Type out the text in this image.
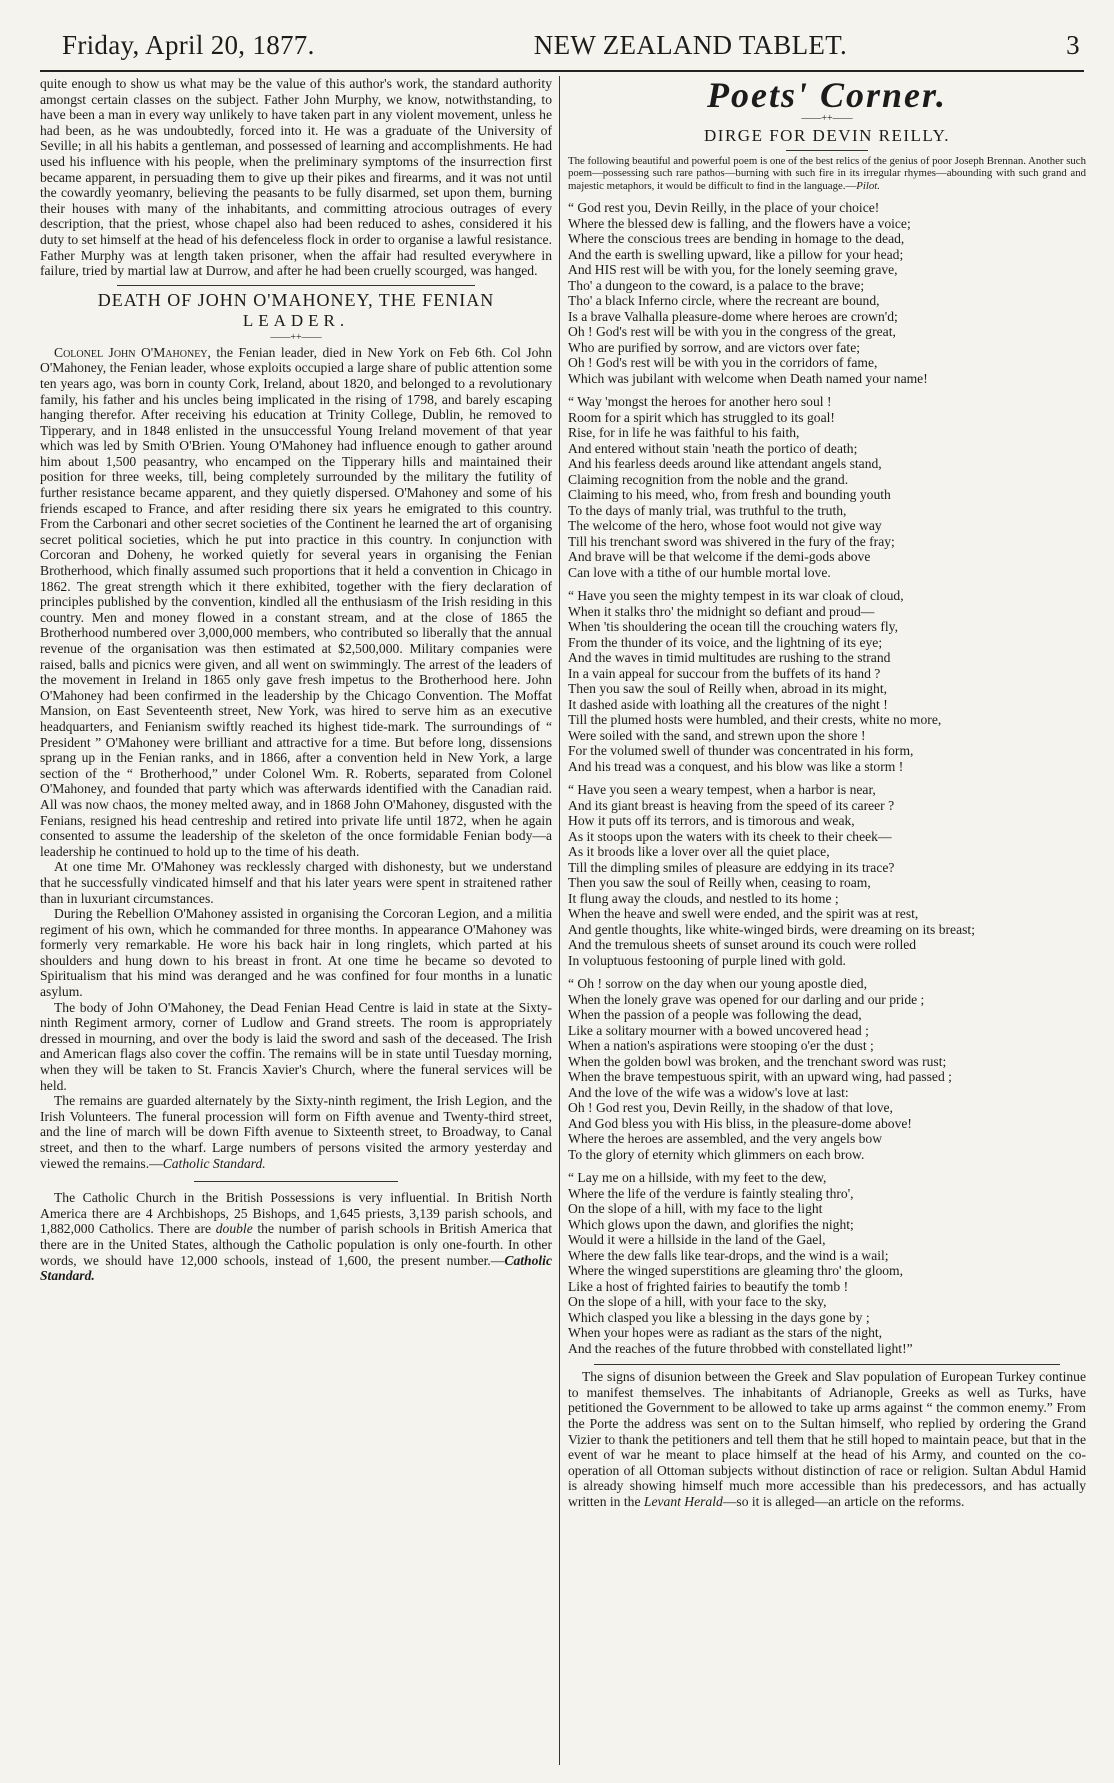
Friday, April 20, 1877.	NEW ZEALAND TABLET.	3

quite enough to show us what may be the value of this author's work, the standard authority amongst certain classes on the subject. Father John Murphy, we know, notwithstanding, to have been a man in every way unlikely to have taken part in any violent movement, unless he had been, as he was undoubtedly, forced into it. He was a graduate of the University of Seville; in all his habits a gentleman, and possessed of learning and accomplishments. He had used his influence with his people, when the preliminary symptoms of the insurrection first became apparent, in persuading them to give up their pikes and firearms, and it was not until the cowardly yeomanry, believing the peasants to be fully disarmed, set upon them, burning their houses with many of the inhabitants, and committing atrocious outrages of every description, that the priest, whose chapel also had been reduced to ashes, considered it his duty to set himself at the head of his defenceless flock in order to organise a lawful resistance. Father Murphy was at length taken prisoner, when the affair had resulted everywhere in failure, tried by martial law at Durrow, and after he had been cruelly scourged, was hanged.

DEATH OF JOHN O'MAHONEY, THE FENIAN
LEADER.
——++——

Colonel John O'Mahoney, the Fenian leader, died in New York on Feb 6th. Col John O'Mahoney, the Fenian leader, whose exploits occupied a large share of public attention some ten years ago, was born in county Cork, Ireland, about 1820, and belonged to a revolutionary family, his father and his uncles being implicated in the rising of 1798, and barely escaping hanging therefor. After receiving his education at Trinity College, Dublin, he removed to Tipperary, and in 1848 enlisted in the unsuccessful Young Ireland movement of that year which was led by Smith O'Brien. Young O'Mahoney had influence enough to gather around him about 1,500 peasantry, who encamped on the Tipperary hills and maintained their position for three weeks, till, being completely surrounded by the military the futility of further resistance became apparent, and they quietly dispersed. O'Mahoney and some of his friends escaped to France, and after residing there six years he emigrated to this country. From the Carbonari and other secret societies of the Continent he learned the art of organising secret political societies, which he put into practice in this country. In conjunction with Corcoran and Doheny, he worked quietly for several years in organising the Fenian Brotherhood, which finally assumed such proportions that it held a convention in Chicago in 1862. The great strength which it there exhibited, together with the fiery declaration of principles published by the convention, kindled all the enthusiasm of the Irish residing in this country. Men and money flowed in a constant stream, and at the close of 1865 the Brotherhood numbered over 3,000,000 members, who contributed so liberally that the annual revenue of the organisation was then estimated at $2,500,000. Military companies were raised, balls and picnics were given, and all went on swimmingly. The arrest of the leaders of the movement in Ireland in 1865 only gave fresh impetus to the Brotherhood here. John O'Mahoney had been confirmed in the leadership by the Chicago Convention. The Moffat Mansion, on East Seventeenth street, New York, was hired to serve him as an executive headquarters, and Fenianism swiftly reached its highest tide-mark. The surroundings of “ President ” O'Mahoney were brilliant and attractive for a time. But before long, dissensions sprang up in the Fenian ranks, and in 1866, after a convention held in New York, a large section of the “ Brotherhood,” under Colonel Wm. R. Roberts, separated from Colonel O'Mahoney, and founded that party which was afterwards identified with the Canadian raid. All was now chaos, the money melted away, and in 1868 John O'Mahoney, disgusted with the Fenians, resigned his head centreship and retired into private life until 1872, when he again consented to assume the leadership of the skeleton of the once formidable Fenian body—a leadership he continued to hold up to the time of his death.

At one time Mr. O'Mahoney was recklessly charged with dishonesty, but we understand that he successfully vindicated himself and that his later years were spent in straitened rather than in luxuriant circumstances.

During the Rebellion O'Mahoney assisted in organising the Corcoran Legion, and a militia regiment of his own, which he commanded for three months. In appearance O'Mahoney was formerly very remarkable. He wore his back hair in long ringlets, which parted at his shoulders and hung down to his breast in front. At one time he became so devoted to Spiritualism that his mind was deranged and he was confined for four months in a lunatic asylum.

The body of John O'Mahoney, the Dead Fenian Head Centre is laid in state at the Sixty-ninth Regiment armory, corner of Ludlow and Grand streets. The room is appropriately dressed in mourning, and over the body is laid the sword and sash of the deceased. The Irish and American flags also cover the coffin. The remains will be in state until Tuesday morning, when they will be taken to St. Francis Xavier's Church, where the funeral services will be held.

The remains are guarded alternately by the Sixty-ninth regiment, the Irish Legion, and the Irish Volunteers. The funeral procession will form on Fifth avenue and Twenty-third street, and the line of march will be down Fifth avenue to Sixteenth street, to Broadway, to Canal street, and then to the wharf. Large numbers of persons visited the armory yesterday and viewed the remains.—Catholic Standard.

The Catholic Church in the British Possessions is very influential. In British North America there are 4 Archbishops, 25 Bishops, and 1,645 priests, 3,139 parish schools, and 1,882,000 Catholics. There are double the number of parish schools in British America that there are in the United States, although the Catholic population is only one-fourth. In other words, we should have 12,000 schools, instead of 1,600, the present number.—Catholic Standard.

Poets' Corner.
——++——
DIRGE FOR DEVIN REILLY.

The following beautiful and powerful poem is one of the best relics of the genius of poor Joseph Brennan. Another such poem—possessing such rare pathos—burning with such fire in its irregular rhymes—abounding with such grand and majestic metaphors, it would be difficult to find in the language.—Pilot.

“ God rest you, Devin Reilly, in the place of your choice!
Where the blessed dew is falling, and the flowers have a voice;
Where the conscious trees are bending in homage to the dead,
And the earth is swelling upward, like a pillow for your head;
And HIS rest will be with you, for the lonely seeming grave,
Tho' a dungeon to the coward, is a palace to the brave;
Tho' a black Inferno circle, where the recreant are bound,
Is a brave Valhalla pleasure-dome where heroes are crown'd;
Oh ! God's rest will be with you in the congress of the great,
Who are purified by sorrow, and are victors over fate;
Oh ! God's rest will be with you in the corridors of fame,
Which was jubilant with welcome when Death named your name!
“ Way 'mongst the heroes for another hero soul !
Room for a spirit which has struggled to its goal!
Rise, for in life he was faithful to his faith,
And entered without stain 'neath the portico of death;
And his fearless deeds around like attendant angels stand,
Claiming recognition from the noble and the grand.
Claiming to his meed, who, from fresh and bounding youth
To the days of manly trial, was truthful to the truth,
The welcome of the hero, whose foot would not give way
Till his trenchant sword was shivered in the fury of the fray;
And brave will be that welcome if the demi-gods above
Can love with a tithe of our humble mortal love.
“ Have you seen the mighty tempest in its war cloak of cloud,
When it stalks thro' the midnight so defiant and proud—
When 'tis shouldering the ocean till the crouching waters fly,
From the thunder of its voice, and the lightning of its eye;
And the waves in timid multitudes are rushing to the strand
In a vain appeal for succour from the buffets of its hand ?
Then you saw the soul of Reilly when, abroad in its might,
It dashed aside with loathing all the creatures of the night !
Till the plumed hosts were humbled, and their crests, white no more,
Were soiled with the sand, and strewn upon the shore !
For the volumed swell of thunder was concentrated in his form,
And his tread was a conquest, and his blow was like a storm !
“ Have you seen a weary tempest, when a harbor is near,
And its giant breast is heaving from the speed of its career ?
How it puts off its terrors, and is timorous and weak,
As it stoops upon the waters with its cheek to their cheek—
As it broods like a lover over all the quiet place,
Till the dimpling smiles of pleasure are eddying in its trace?
Then you saw the soul of Reilly when, ceasing to roam,
It flung away the clouds, and nestled to its home ;
When the heave and swell were ended, and the spirit was at rest,
And gentle thoughts, like white-winged birds, were dreaming on its breast;
And the tremulous sheets of sunset around its couch were rolled
In voluptuous festooning of purple lined with gold.
“ Oh ! sorrow on the day when our young apostle died,
When the lonely grave was opened for our darling and our pride ;
When the passion of a people was following the dead,
Like a solitary mourner with a bowed uncovered head ;
When a nation's aspirations were stooping o'er the dust ;
When the golden bowl was broken, and the trenchant sword was rust;
When the brave tempestuous spirit, with an upward wing, had passed ;
And the love of the wife was a widow's love at last:
Oh ! God rest you, Devin Reilly, in the shadow of that love,
And God bless you with His bliss, in the pleasure-dome above!
Where the heroes are assembled, and the very angels bow
To the glory of eternity which glimmers on each brow.
“ Lay me on a hillside, with my feet to the dew,
Where the life of the verdure is faintly stealing thro',
On the slope of a hill, with my face to the light
Which glows upon the dawn, and glorifies the night;
Would it were a hillside in the land of the Gael,
Where the dew falls like tear-drops, and the wind is a wail;
Where the winged superstitions are gleaming thro' the gloom,
Like a host of frighted fairies to beautify the tomb !
On the slope of a hill, with your face to the sky,
Which clasped you like a blessing in the days gone by ;
When your hopes were as radiant as the stars of the night,
And the reaches of the future throbbed with constellated light!”

The signs of disunion between the Greek and Slav population of European Turkey continue to manifest themselves. The inhabitants of Adrianople, Greeks as well as Turks, have petitioned the Government to be allowed to take up arms against “ the common enemy.” From the Porte the address was sent on to the Sultan himself, who replied by ordering the Grand Vizier to thank the petitioners and tell them that he still hoped to maintain peace, but that in the event of war he meant to place himself at the head of his Army, and counted on the co-operation of all Ottoman subjects without distinction of race or religion. Sultan Abdul Hamid is already showing himself much more accessible than his predecessors, and has actually written in the Levant Herald—so it is alleged—an article on the reforms.
